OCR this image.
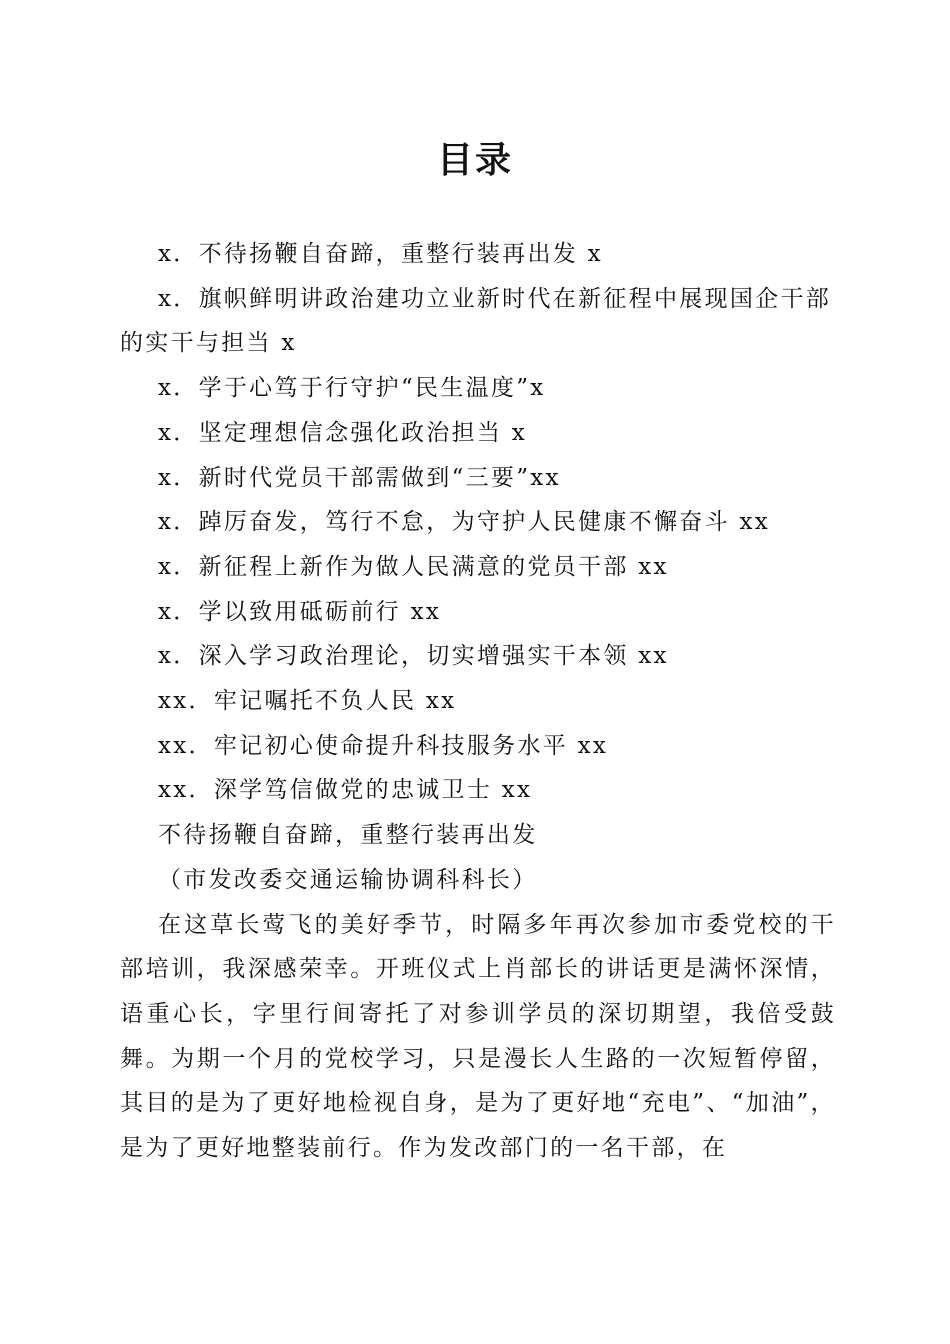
目录

x．不待扬鞭自奋蹄，重整行装再出发 x

x．旗帜鲜明讲政治建功立业新时代在新征程中展现国企干部的实干与担当 x

x．学于心笃于行守护“民生温度”x

x．坚定理想信念强化政治担当 x

x．新时代党员干部需做到“三要”xx

x．踔厉奋发，笃行不怠，为守护人民健康不懈奋斗 xx

x．新征程上新作为做人民满意的党员干部 xx

x．学以致用砥砺前行 xx

x．深入学习政治理论，切实增强实干本领 xx

xx．牢记嘱托不负人民 xx

xx．牢记初心使命提升科技服务水平 xx

xx．深学笃信做党的忠诚卫士 xx

不待扬鞭自奋蹄，重整行装再出发

（市发改委交通运输协调科科长）

在这草长莺飞的美好季节，时隔多年再次参加市委党校的干部培训，我深感荣幸。开班仪式上肖部长的讲话更是满怀深情，语重心长，字里行间寄托了对参训学员的深切期望，我倍受鼓舞。为期一个月的党校学习，只是漫长人生路的一次短暂停留，其目的是为了更好地检视自身，是为了更好地“充电”、“加油”，是为了更好地整装前行。作为发改部门的一名干部，在
